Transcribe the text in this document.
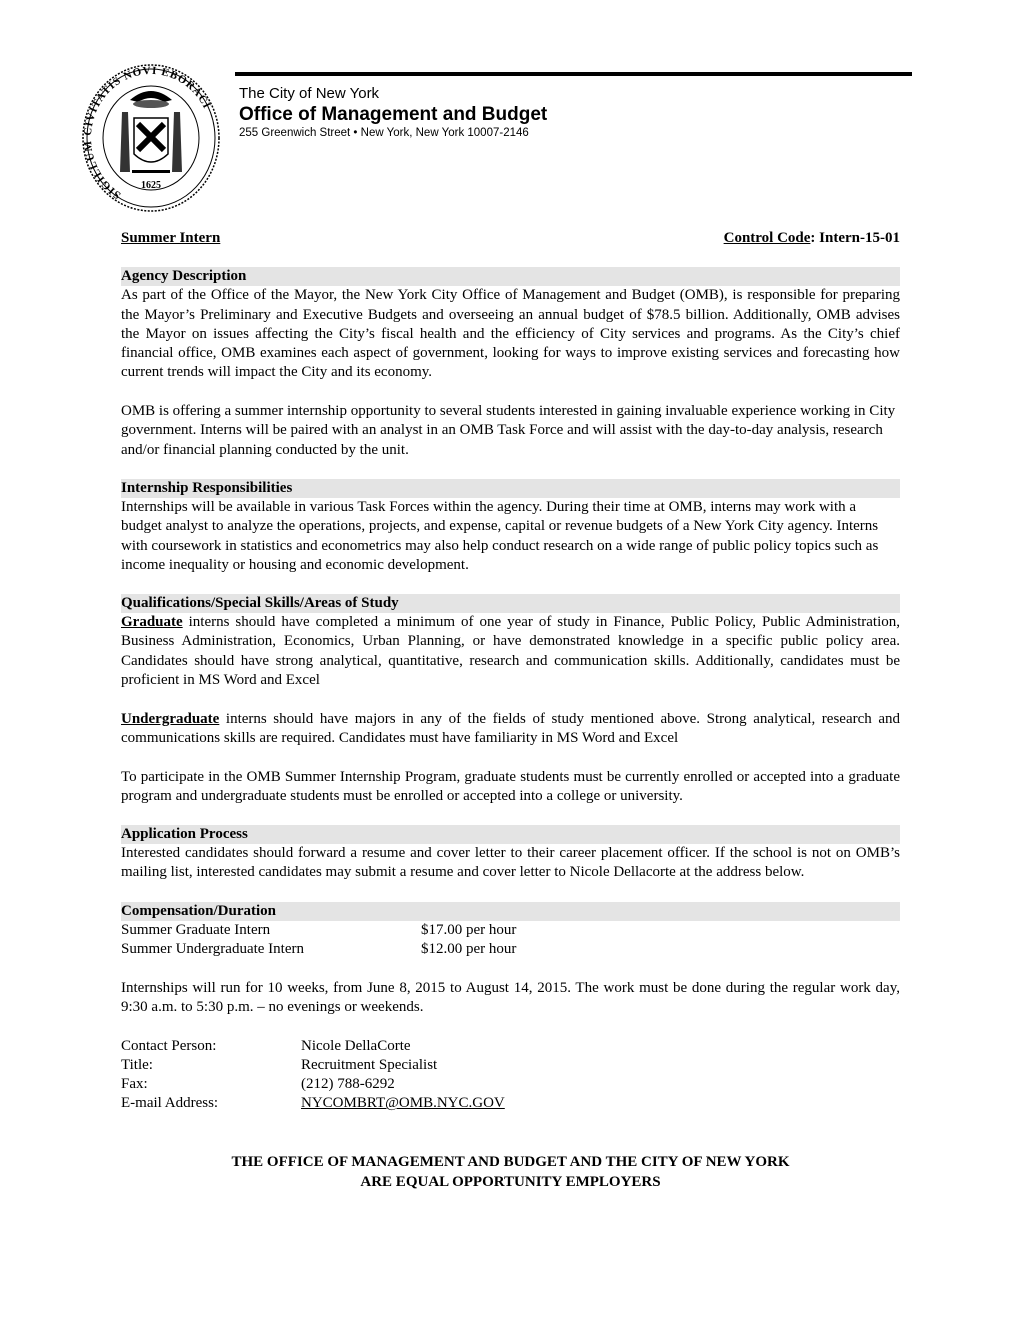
SIGILLUM CIVITATIS NOVI EBORACI
1625
The City of New York
Office of Management and Budget
255 Greenwich Street • New York, New York 10007-2146
Summer Intern	Control Code: Intern-15-01
Agency Description

As part of the Office of the Mayor, the New York City Office of Management and Budget (OMB), is responsible for preparing the Mayor’s Preliminary and Executive Budgets and overseeing an annual budget of $78.5 billion. Additionally, OMB advises the Mayor on issues affecting the City’s fiscal health and the efficiency of City services and programs. As the City’s chief financial office, OMB examines each aspect of government, looking for ways to improve existing services and forecasting how current trends will impact the City and its economy.

OMB is offering a summer internship opportunity to several students interested in gaining invaluable experience working in City government. Interns will be paired with an analyst in an OMB Task Force and will assist with the day-to-day analysis, research and/or financial planning conducted by the unit.

Internship Responsibilities

Internships will be available in various Task Forces within the agency. During their time at OMB, interns may work with a budget analyst to analyze the operations, projects, and expense, capital or revenue budgets of a New York City agency. Interns with coursework in statistics and econometrics may also help conduct research on a wide range of public policy topics such as income inequality or housing and economic development.

Qualifications/Special Skills/Areas of Study

Graduate interns should have completed a minimum of one year of study in Finance, Public Policy, Public Administration, Business Administration, Economics, Urban Planning, or have demonstrated knowledge in a specific public policy area. Candidates should have strong analytical, quantitative, research and communication skills. Additionally, candidates must be proficient in MS Word and Excel

Undergraduate interns should have majors in any of the fields of study mentioned above. Strong analytical, research and communications skills are required. Candidates must have familiarity in MS Word and Excel

To participate in the OMB Summer Internship Program, graduate students must be currently enrolled or accepted into a graduate program and undergraduate students must be enrolled or accepted into a college or university.

Application Process

Interested candidates should forward a resume and cover letter to their career placement officer. If the school is not on OMB’s mailing list, interested candidates may submit a resume and cover letter to Nicole Dellacorte at the address below.

Compensation/Duration
Summer Graduate Intern	$17.00 per hour
Summer Undergraduate Intern	$12.00 per hour

Internships will run for 10 weeks, from June 8, 2015 to August 14, 2015. The work must be done during the regular work day, 9:30 a.m. to 5:30 p.m. – no evenings or weekends.

Contact Person:	Nicole DellaCorte
Title:	Recruitment Specialist
Fax:	(212) 788-6292
E-mail Address:	NYCOMBRT@OMB.NYC.GOV
THE OFFICE OF MANAGEMENT AND BUDGET AND THE CITY OF NEW YORK
ARE EQUAL OPPORTUNITY EMPLOYERS
